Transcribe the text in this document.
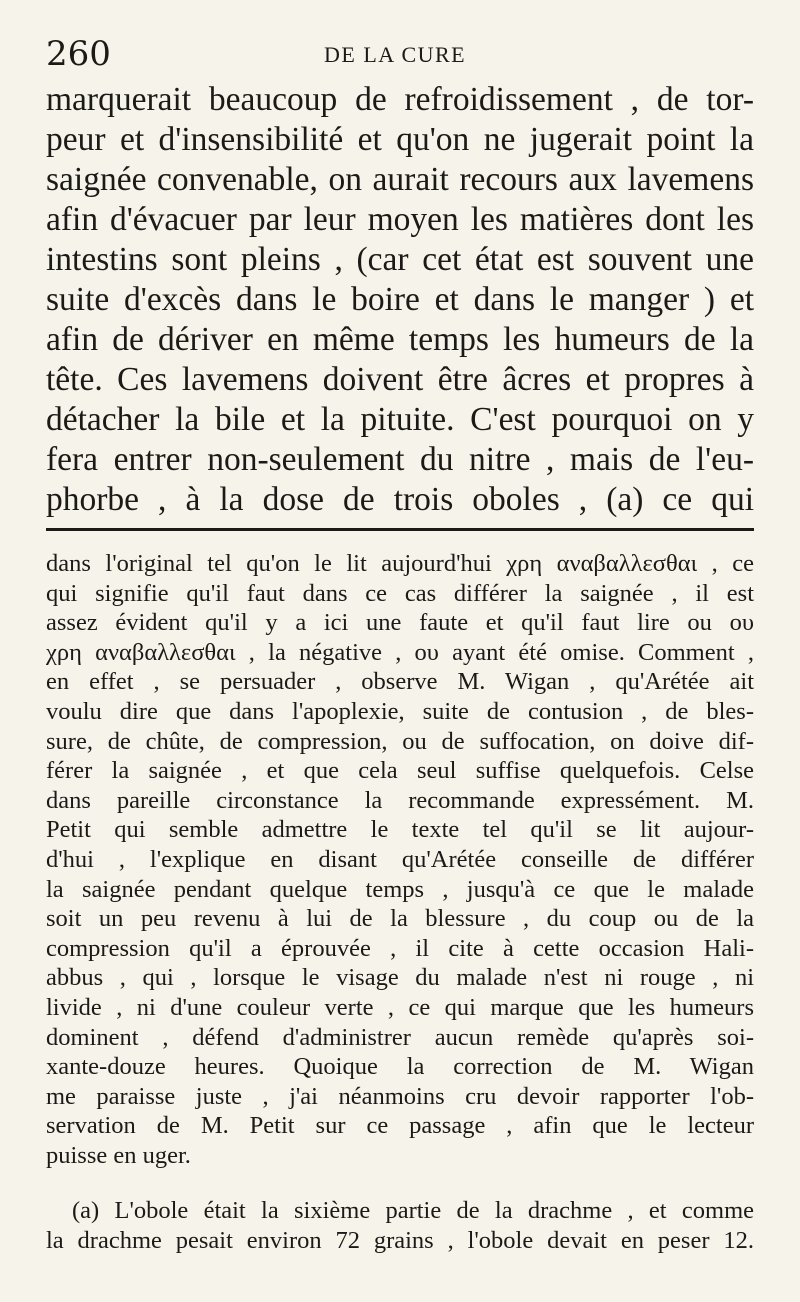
260	DE LA CURE
marquerait beaucoup de refroidissement , de tor-
peur et d'insensibilité et qu'on ne jugerait point la
saignée convenable, on aurait recours aux lavemens
afin d'évacuer par leur moyen les matières dont les
intestins sont pleins , (car cet état est souvent une
suite d'excès dans le boire et dans le manger ) et
afin de dériver en même temps les humeurs de la
tête. Ces lavemens doivent être âcres et propres à
détacher la bile et la pituite. C'est pourquoi on y
fera entrer non-seulement du nitre , mais de l'eu-
phorbe , à la dose de trois oboles , (a) ce qui
dans l'original tel qu'on le lit aujourd'hui χρη αναβαλλεσθαι , ce
qui signifie qu'il faut dans ce cas différer la saignée , il est
assez évident qu'il y a ici une faute et qu'il faut lire ou ου
χρη αναβαλλεσθαι , la négative , ου ayant été omise. Comment ,
en effet , se persuader , observe M. Wigan , qu'Arétée ait
voulu dire que dans l'apoplexie, suite de contusion , de bles-
sure, de chûte, de compression, ou de suffocation, on doive dif-
férer la saignée , et que cela seul suffise quelquefois. Celse
dans pareille circonstance la recommande expressément. M.
Petit qui semble admettre le texte tel qu'il se lit aujour-
d'hui , l'explique en disant qu'Arétée conseille de différer
la saignée pendant quelque temps , jusqu'à ce que le malade
soit un peu revenu à lui de la blessure , du coup ou de la
compression qu'il a éprouvée , il cite à cette occasion Hali-
abbus , qui , lorsque le visage du malade n'est ni rouge , ni
livide , ni d'une couleur verte , ce qui marque que les humeurs
dominent , défend d'administrer aucun remède qu'après soi-
xante-douze heures. Quoique la correction de M. Wigan
me paraisse juste , j'ai néanmoins cru devoir rapporter l'ob-
servation de M. Petit sur ce passage , afin que le lecteur
puisse en uger.
(a) L'obole était la sixième partie de la drachme , et comme
la drachme pesait environ 72 grains , l'obole devait en peser 12.
